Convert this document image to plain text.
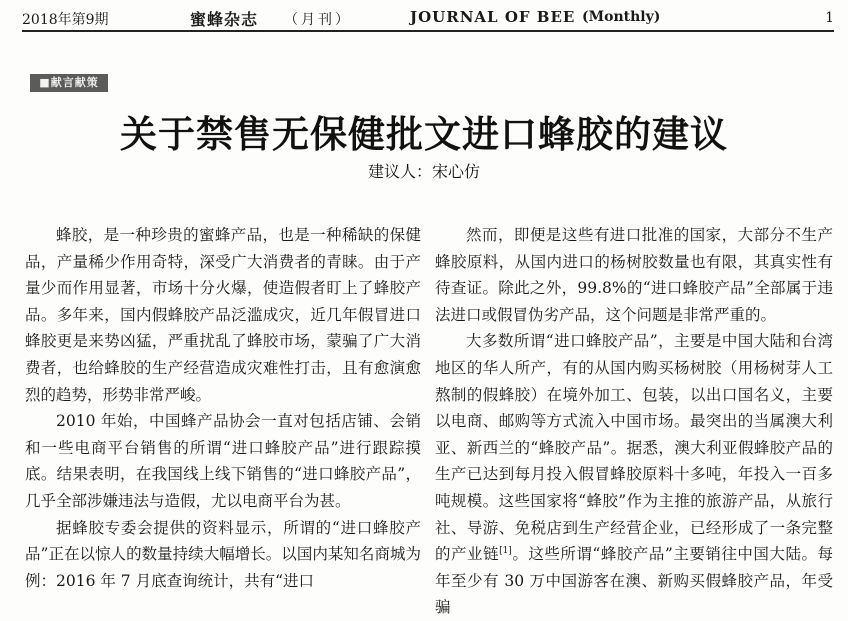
2018年第9期	蜜蜂杂志 （月刊）	JOURNAL OF BEE (Monthly)	1
■献言献策
关于禁售无保健批文进口蜂胶的建议
建议人：宋心仿

蜂胶，是一种珍贵的蜜蜂产品，也是一种稀缺的保健品，产量稀少作用奇特，深受广大消费者的青睐。由于产量少而作用显著，市场十分火爆，使造假者盯上了蜂胶产品。多年来，国内假蜂胶产品泛滥成灾，近几年假冒进口蜂胶更是来势凶猛，严重扰乱了蜂胶市场，蒙骗了广大消费者，也给蜂胶的生产经营造成灾难性打击，且有愈演愈烈的趋势，形势非常严峻。

2010 年始，中国蜂产品协会一直对包括店铺、会销和一些电商平台销售的所谓“进口蜂胶产品”进行跟踪摸底。结果表明，在我国线上线下销售的“进口蜂胶产品”，几乎全部涉嫌违法与造假，尤以电商平台为甚。

据蜂胶专委会提供的资料显示，所谓的“进口蜂胶产品”正在以惊人的数量持续大幅增长。以国内某知名商城为例：2016 年 7 月底查询统计，共有“进口

然而，即便是这些有进口批准的国家，大部分不生产蜂胶原料，从国内进口的杨树胶数量也有限，其真实性有待查证。除此之外，99.8%的“进口蜂胶产品”全部属于违法进口或假冒伪劣产品，这个问题是非常严重的。

大多数所谓“进口蜂胶产品”，主要是中国大陆和台湾地区的华人所产，有的从国内购买杨树胶（用杨树芽人工熬制的假蜂胶）在境外加工、包装，以出口国名义，主要以电商、邮购等方式流入中国市场。最突出的当属澳大利亚、新西兰的“蜂胶产品”。据悉，澳大利亚假蜂胶产品的生产已达到每月投入假冒蜂胶原料十多吨，年投入一百多吨规模。这些国家将“蜂胶”作为主推的旅游产品，从旅行社、导游、免税店到生产经营企业，已经形成了一条完整的产业链[1]。这些所谓“蜂胶产品”主要销往中国大陆。每年至少有 30 万中国游客在澳、新购买假蜂胶产品，年受骗
